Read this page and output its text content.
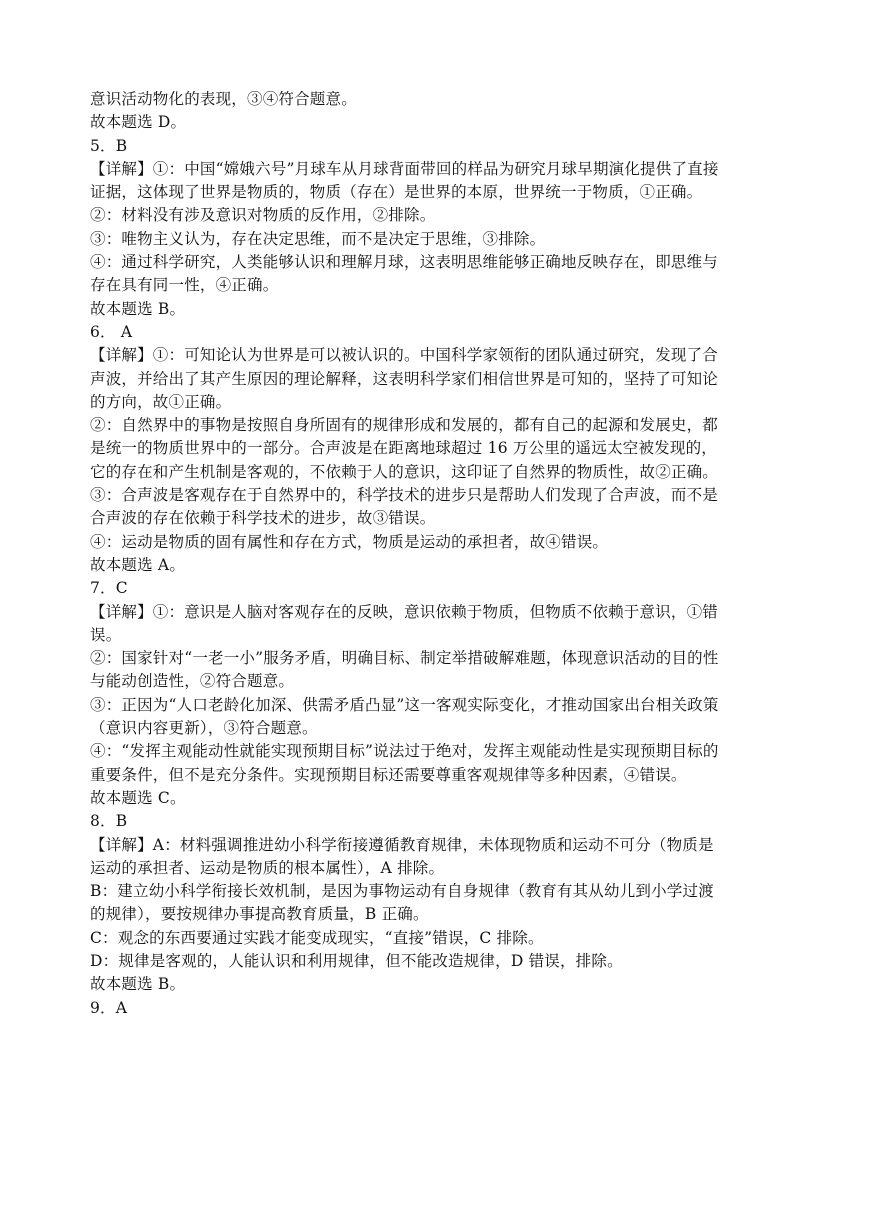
意识活动物化的表现，③④符合题意。
故本题选 D。
5．B
【详解】①：中国“嫦娥六号”月球车从月球背面带回的样品为研究月球早期演化提供了直接
证据，这体现了世界是物质的，物质（存在）是世界的本原，世界统一于物质，①正确。
②：材料没有涉及意识对物质的反作用，②排除。
③：唯物主义认为，存在决定思维，而不是决定于思维，③排除。
④：通过科学研究，人类能够认识和理解月球，这表明思维能够正确地反映存在，即思维与
存在具有同一性，④正确。
故本题选 B。
6． A
【详解】①：可知论认为世界是可以被认识的。中国科学家领衔的团队通过研究，发现了合
声波，并给出了其产生原因的理论解释，这表明科学家们相信世界是可知的，坚持了可知论
的方向，故①正确。
②：自然界中的事物是按照自身所固有的规律形成和发展的，都有自己的起源和发展史，都
是统一的物质世界中的一部分。合声波是在距离地球超过 16 万公里的遥远太空被发现的，
它的存在和产生机制是客观的，不依赖于人的意识，这印证了自然界的物质性，故②正确。
③：合声波是客观存在于自然界中的，科学技术的进步只是帮助人们发现了合声波，而不是
合声波的存在依赖于科学技术的进步，故③错误。
④：运动是物质的固有属性和存在方式，物质是运动的承担者，故④错误。
故本题选 A。
7．C
【详解】①：意识是人脑对客观存在的反映，意识依赖于物质，但物质不依赖于意识，①错
误。
②：国家针对“一老一小”服务矛盾，明确目标、制定举措破解难题，体现意识活动的目的性
与能动创造性，②符合题意。
③：正因为“人口老龄化加深、供需矛盾凸显”这一客观实际变化，才推动国家出台相关政策
（意识内容更新），③符合题意。
④：“发挥主观能动性就能实现预期目标”说法过于绝对，发挥主观能动性是实现预期目标的
重要条件，但不是充分条件。实现预期目标还需要尊重客观规律等多种因素，④错误。
故本题选 C。
8．B
【详解】A：材料强调推进幼小科学衔接遵循教育规律，未体现物质和运动不可分（物质是
运动的承担者、运动是物质的根本属性），A 排除。
B：建立幼小科学衔接长效机制，是因为事物运动有自身规律（教育有其从幼儿到小学过渡
的规律），要按规律办事提高教育质量，B 正确。
C：观念的东西要通过实践才能变成现实，“直接”错误，C 排除。
D：规律是客观的，人能认识和利用规律，但不能改造规律，D 错误，排除。
故本题选 B。
9．A
